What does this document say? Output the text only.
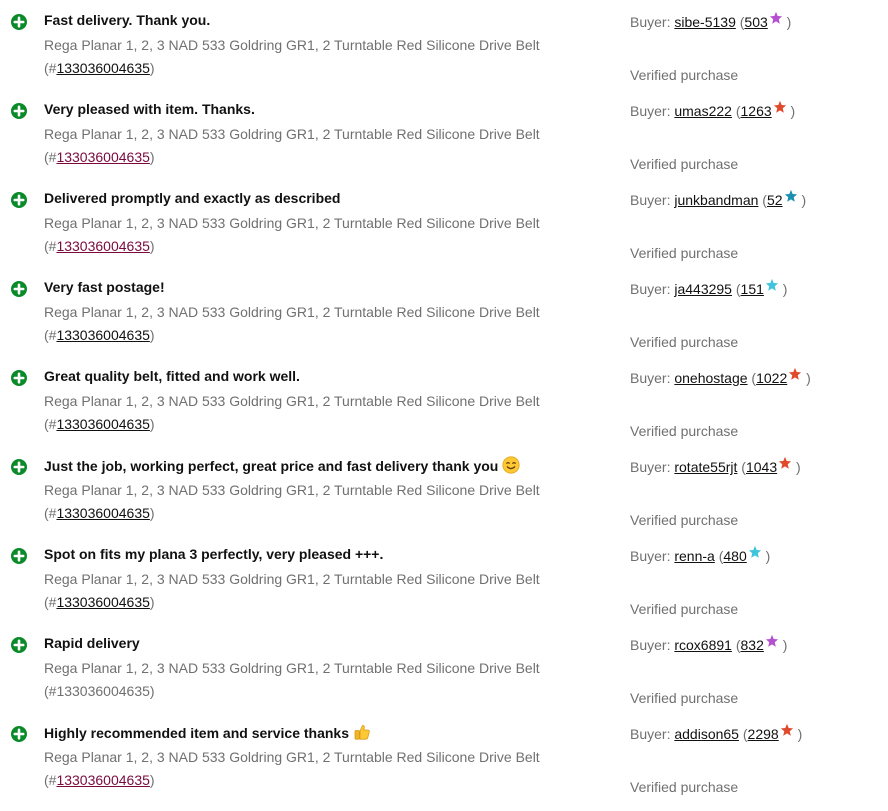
Fast delivery. Thank you.
Rega Planar 1, 2, 3 NAD 533 Goldring GR1, 2 Turntable Red Silicone Drive Belt
(#133036004635)
Buyer: sibe-5139 (503 )
Verified purchase
Very pleased with item. Thanks.
Rega Planar 1, 2, 3 NAD 533 Goldring GR1, 2 Turntable Red Silicone Drive Belt
(#133036004635)
Buyer: umas222 (1263 )
Verified purchase
Delivered promptly and exactly as described
Rega Planar 1, 2, 3 NAD 533 Goldring GR1, 2 Turntable Red Silicone Drive Belt
(#133036004635)
Buyer: junkbandman (52 )
Verified purchase
Very fast postage!
Rega Planar 1, 2, 3 NAD 533 Goldring GR1, 2 Turntable Red Silicone Drive Belt
(#133036004635)
Buyer: ja443295 (151 )
Verified purchase
Great quality belt, fitted and work well.
Rega Planar 1, 2, 3 NAD 533 Goldring GR1, 2 Turntable Red Silicone Drive Belt
(#133036004635)
Buyer: onehostage (1022 )
Verified purchase
Just the job, working perfect, great price and fast delivery thank you
Rega Planar 1, 2, 3 NAD 533 Goldring GR1, 2 Turntable Red Silicone Drive Belt
(#133036004635)
Buyer: rotate55rjt (1043 )
Verified purchase
Spot on fits my plana 3 perfectly, very pleased +++.
Rega Planar 1, 2, 3 NAD 533 Goldring GR1, 2 Turntable Red Silicone Drive Belt
(#133036004635)
Buyer: renn-a (480 )
Verified purchase
Rapid delivery
Rega Planar 1, 2, 3 NAD 533 Goldring GR1, 2 Turntable Red Silicone Drive Belt
(#133036004635)
Buyer: rcox6891 (832 )
Verified purchase
Highly recommended item and service thanks
Rega Planar 1, 2, 3 NAD 533 Goldring GR1, 2 Turntable Red Silicone Drive Belt
(#133036004635)
Buyer: addison65 (2298 )
Verified purchase
